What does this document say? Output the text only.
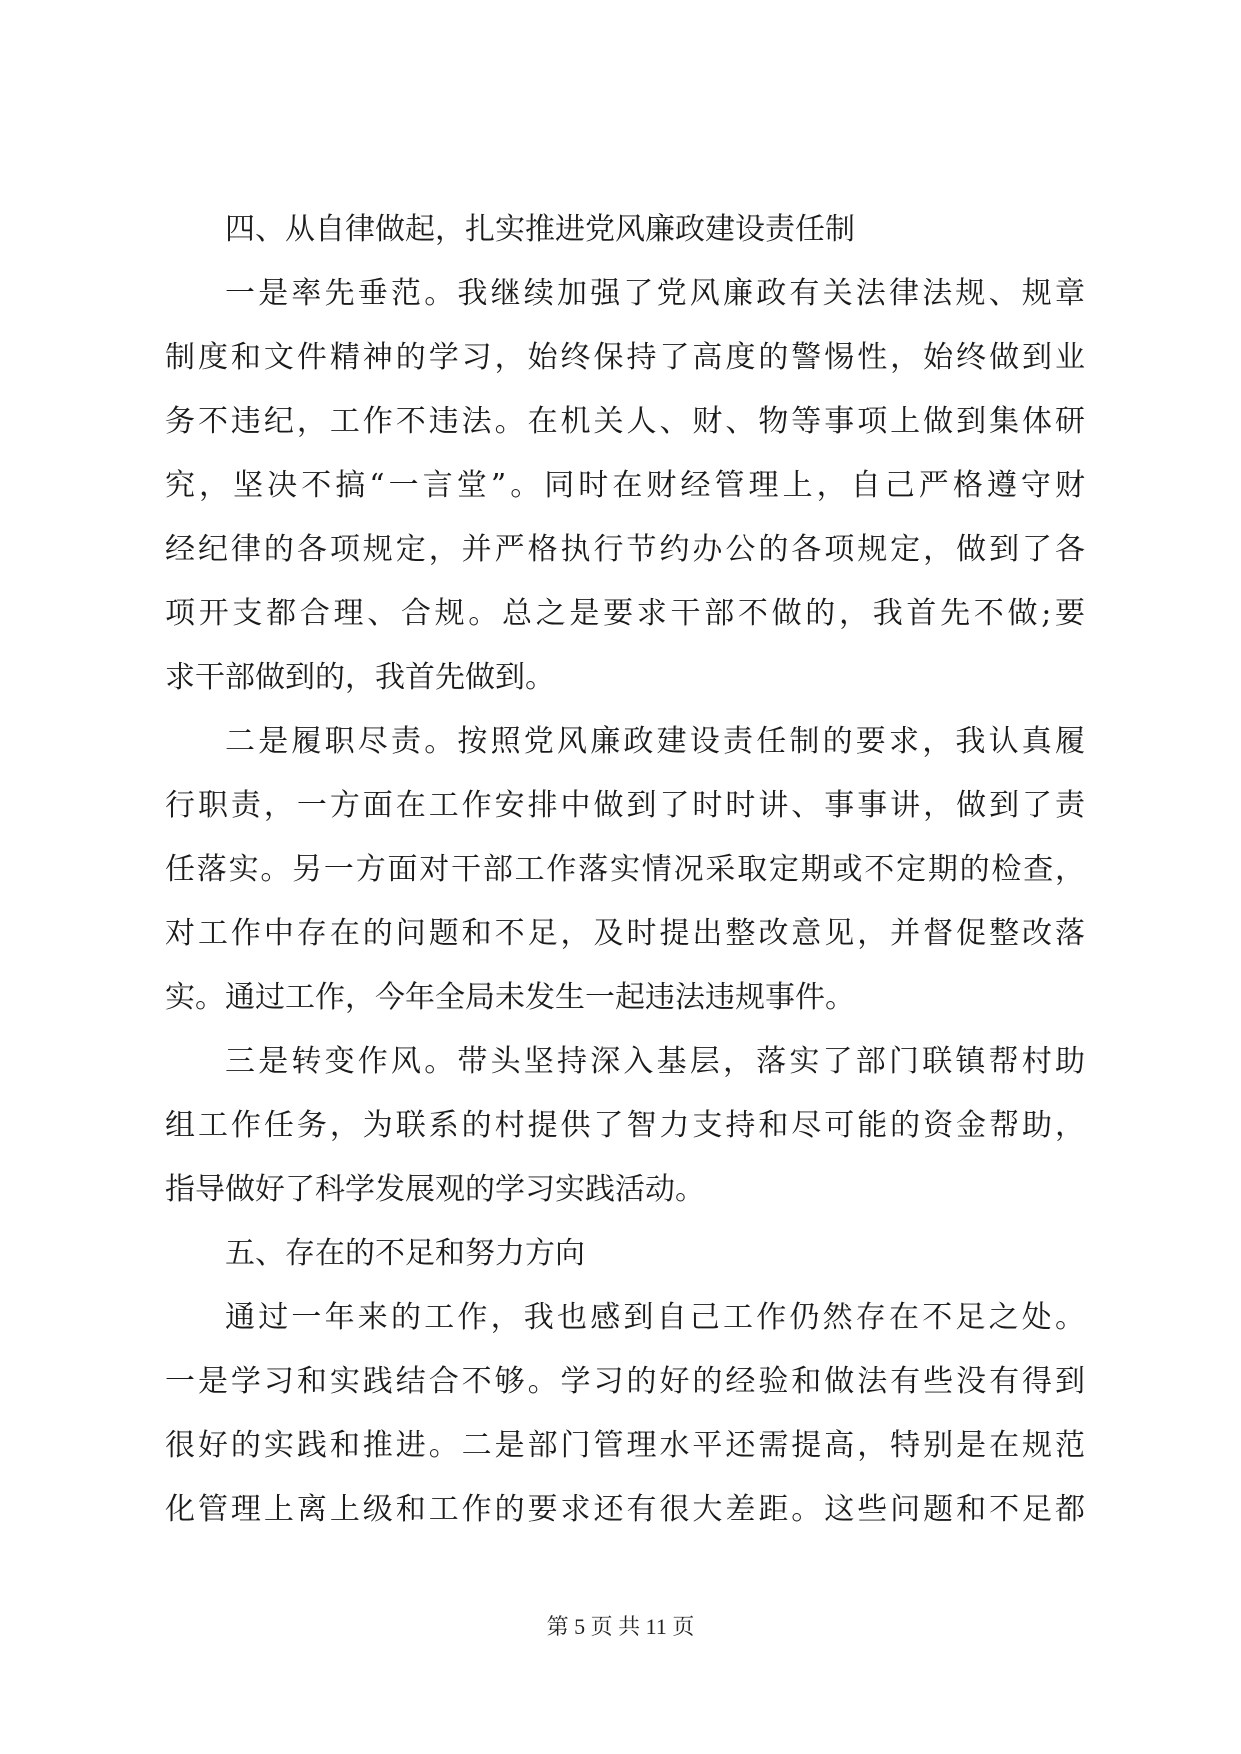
四、从自律做起，扎实推进党风廉政建设责任制
一是率先垂范。我继续加强了党风廉政有关法律法规、规章
制度和文件精神的学习，始终保持了高度的警惕性，始终做到业
务不违纪，工作不违法。在机关人、财、物等事项上做到集体研
究，坚决不搞“一言堂”。同时在财经管理上，自己严格遵守财
经纪律的各项规定，并严格执行节约办公的各项规定，做到了各
项开支都合理、合规。总之是要求干部不做的，我首先不做;要
求干部做到的，我首先做到。
二是履职尽责。按照党风廉政建设责任制的要求，我认真履
行职责，一方面在工作安排中做到了时时讲、事事讲，做到了责
任落实。另一方面对干部工作落实情况采取定期或不定期的检查，
对工作中存在的问题和不足，及时提出整改意见，并督促整改落
实。通过工作，今年全局未发生一起违法违规事件。
三是转变作风。带头坚持深入基层，落实了部门联镇帮村助
组工作任务，为联系的村提供了智力支持和尽可能的资金帮助，
指导做好了科学发展观的学习实践活动。
五、存在的不足和努力方向
通过一年来的工作，我也感到自己工作仍然存在不足之处。
一是学习和实践结合不够。学习的好的经验和做法有些没有得到
很好的实践和推进。二是部门管理水平还需提高，特别是在规范
化管理上离上级和工作的要求还有很大差距。这些问题和不足都
第 5 页 共 11 页
